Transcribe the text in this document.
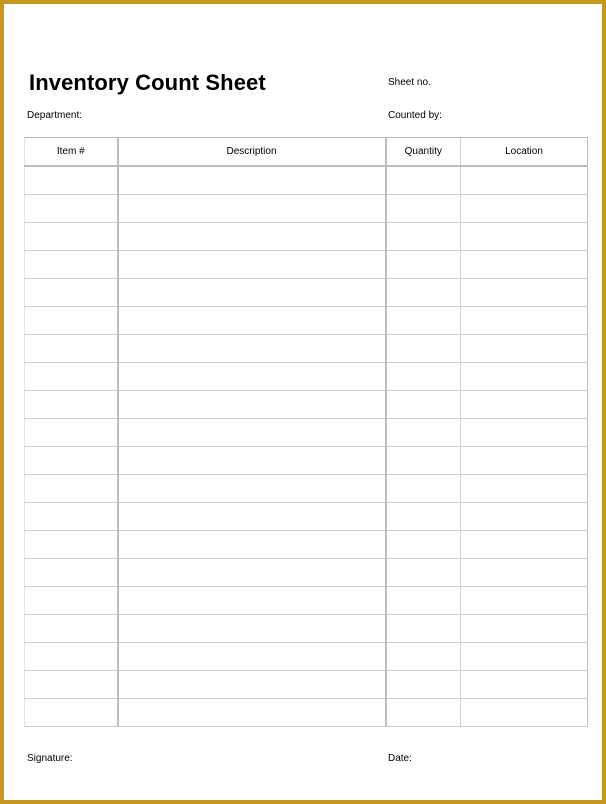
Inventory Count Sheet	Sheet no.
Department:	Counted by:
Item #	Description	Quantity	Location

Signature:	Date:
